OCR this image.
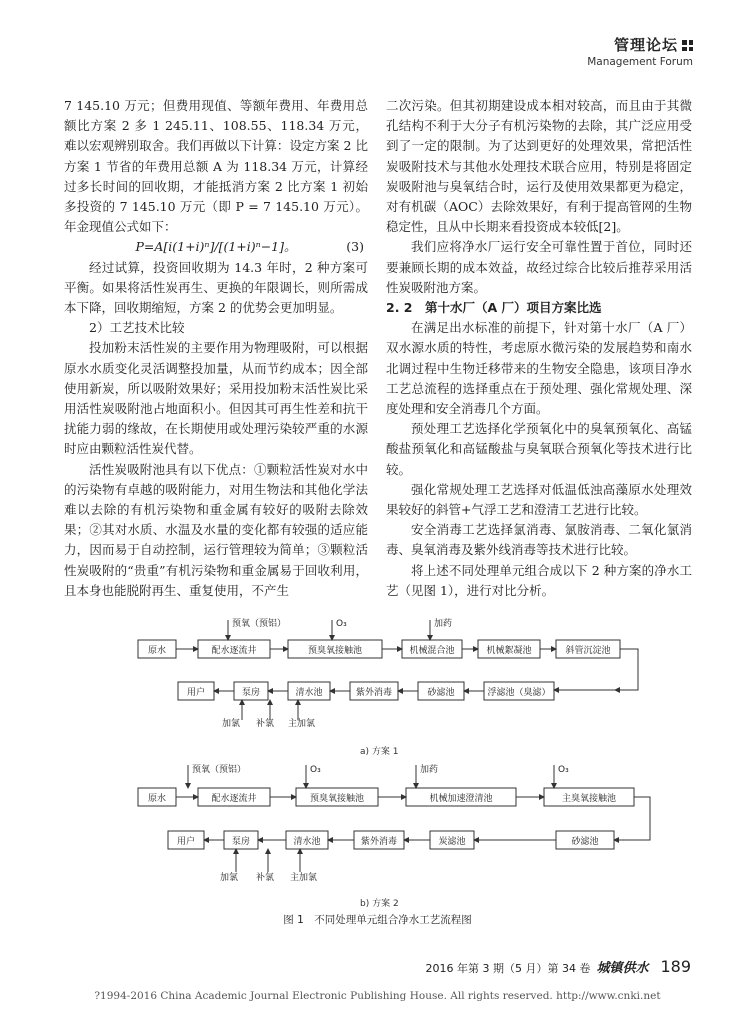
管理论坛
Management Forum

7 145.10 万元；但费用现值、等额年费用、年费用总额比方案 2 多 1 245.11、108.55、118.34 万元，难以宏观辨别取舍。我们再做以下计算：设定方案 2 比方案 1 节省的年费用总额 A 为 118.34 万元，计算经过多长时间的回收期，才能抵消方案 2 比方案 1 初始多投资的 7 145.10 万元（即 P = 7 145.10 万元）。年金现值公式如下：

P=A[i(1+i)ⁿ]/[(1+i)ⁿ−1]。	(3)

经过试算，投资回收期为 14.3 年时，2 种方案可平衡。如果将活性炭再生、更换的年限调长，则所需成本下降，回收期缩短，方案 2 的优势会更加明显。

2）工艺技术比较

投加粉末活性炭的主要作用为物理吸附，可以根据原水水质变化灵活调整投加量，从而节约成本；因全部使用新炭，所以吸附效果好；采用投加粉末活性炭比采用活性炭吸附池占地面积小。但因其可再生性差和抗干扰能力弱的缘故，在长期使用或处理污染较严重的水源时应由颗粒活性炭代替。

活性炭吸附池具有以下优点：①颗粒活性炭对水中的污染物有卓越的吸附能力，对用生物法和其他化学法难以去除的有机污染物和重金属有较好的吸附去除效果；②其对水质、水温及水量的变化都有较强的适应能力，因而易于自动控制，运行管理较为简单；③颗粒活性炭吸附的“贵重”有机污染物和重金属易于回收利用，且本身也能脱附再生、重复使用，不产生

二次污染。但其初期建设成本相对较高，而且由于其微孔结构不利于大分子有机污染物的去除，其广泛应用受到了一定的限制。为了达到更好的处理效果，常把活性炭吸附技术与其他水处理技术联合应用，特别是将固定炭吸附池与臭氧结合时，运行及使用效果都更为稳定，对有机碳（AOC）去除效果好，有利于提高管网的生物稳定性，且从中长期来看投资成本较低[2]。

我们应将净水厂运行安全可靠性置于首位，同时还要兼顾长期的成本效益，故经过综合比较后推荐采用活性炭吸附池方案。

2. 2　第十水厂（A 厂）项目方案比选

在满足出水标准的前提下，针对第十水厂（A 厂）双水源水质的特性，考虑原水微污染的发展趋势和南水北调过程中生物迁移带来的生物安全隐患，该项目净水工艺总流程的选择重点在于预处理、强化常规处理、深度处理和安全消毒几个方面。

预处理工艺选择化学预氧化中的臭氧预氧化、高锰酸盐预氧化和高锰酸盐与臭氧联合预氧化等技术进行比较。

强化常规处理工艺选择对低温低浊高藻原水处理效果较好的斜管+气浮工艺和澄清工艺进行比较。

安全消毒工艺选择氯消毒、氯胺消毒、二氧化氯消毒、臭氧消毒及紫外线消毒等技术进行比较。

将上述不同处理单元组合成以下 2 种方案的净水工艺（见图 1），进行对比分析。

原水	配水逐流井	预臭氧接触池	机械混合池	机械絮凝池	斜管沉淀池
预氧（预铝）	O₃	加药
用户	泵房	清水池	紫外消毒	砂滤池	浮滤池（臭滤）
加氯 补氯 主加氯
原水	配水逐流井	预臭氧接触池	机械加速澄清池	主臭氧接触池
预氧（预铝）	O₃	加药	O₃
用户	泵房	清水池	紫外消毒	炭滤池	砂滤池
加氯 补氯 主加氯
a) 方案 1
b) 方案 2
图 1　不同处理单元组合净水工艺流程图
2016 年第 3 期（5 月）第 34 卷 城镇供水 189
?1994-2016 China Academic Journal Electronic Publishing House. All rights reserved. http://www.cnki.net
